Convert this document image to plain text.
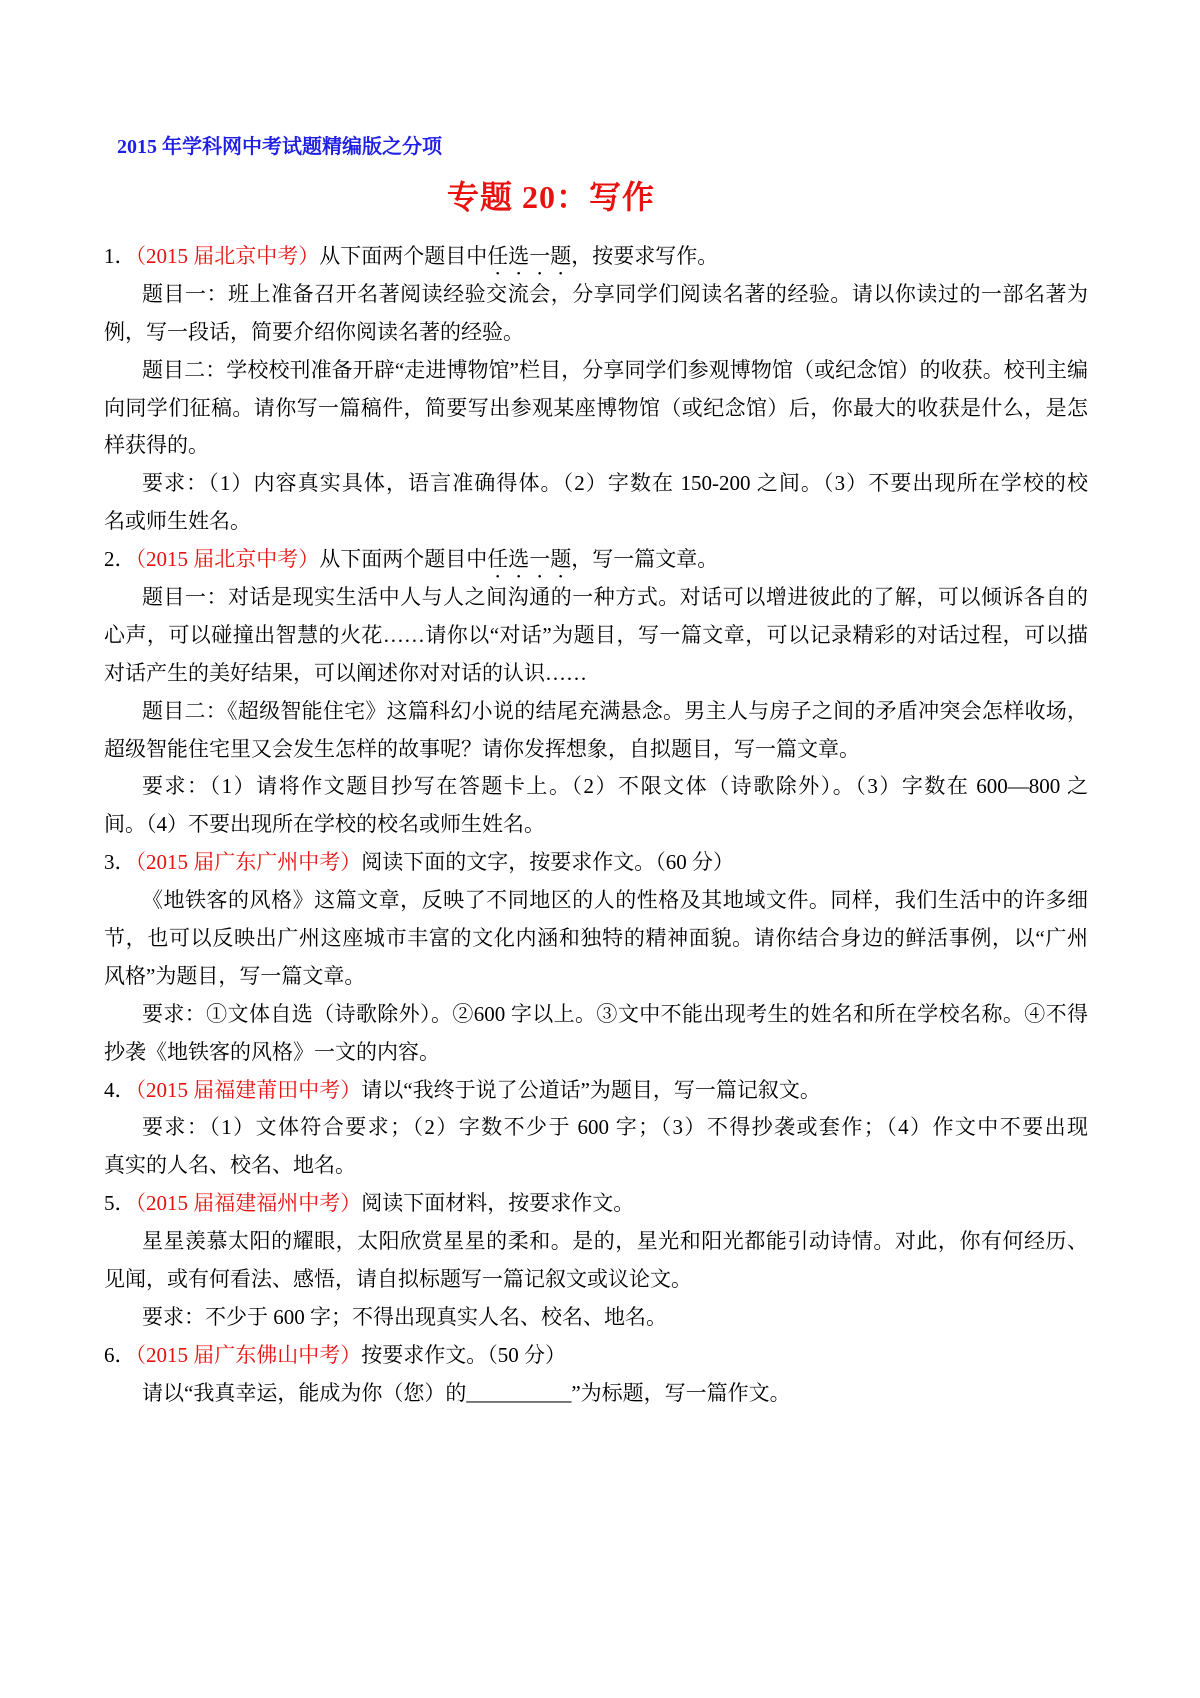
2015 年学科网中考试题精编版之分项
专题 20：写作
1．（2015 届北京中考）从下面两个题目中任选一题，按要求写作。
题目一：班上准备召开名著阅读经验交流会，分享同学们阅读名著的经验。请以你读过的一部名著为
例，写一段话，简要介绍你阅读名著的经验。
题目二：学校校刊准备开辟“走进博物馆”栏目，分享同学们参观博物馆（或纪念馆）的收获。校刊主编
向同学们征稿。请你写一篇稿件，简要写出参观某座博物馆（或纪念馆）后，你最大的收获是什么，是怎
样获得的。
要求：（1）内容真实具体，语言准确得体。（2）字数在 150-200 之间。（3）不要出现所在学校的校
名或师生姓名。
2．（2015 届北京中考）从下面两个题目中任选一题，写一篇文章。
题目一：对话是现实生活中人与人之间沟通的一种方式。对话可以增进彼此的了解，可以倾诉各自的
心声，可以碰撞出智慧的火花……请你以“对话”为题目，写一篇文章，可以记录精彩的对话过程，可以描
对话产生的美好结果，可以阐述你对对话的认识……
题目二：《超级智能住宅》这篇科幻小说的结尾充满悬念。男主人与房子之间的矛盾冲突会怎样收场，
超级智能住宅里又会发生怎样的故事呢？请你发挥想象，自拟题目，写一篇文章。
要求：（1）请将作文题目抄写在答题卡上。（2）不限文体（诗歌除外）。（3）字数在 600—800 之
间。（4）不要出现所在学校的校名或师生姓名。
3．（2015 届广东广州中考）阅读下面的文字，按要求作文。（60 分）
《地铁客的风格》这篇文章，反映了不同地区的人的性格及其地域文件。同样，我们生活中的许多细
节，也可以反映出广州这座城市丰富的文化内涵和独特的精神面貌。请你结合身边的鲜活事例，以“广州
风格”为题目，写一篇文章。
要求：①文体自选（诗歌除外）。②600 字以上。③文中不能出现考生的姓名和所在学校名称。④不得
抄袭《地铁客的风格》一文的内容。
4．（2015 届福建莆田中考）请以“我终于说了公道话”为题目，写一篇记叙文。
要求：（1）文体符合要求；（2）字数不少于 600 字；（3）不得抄袭或套作；（4）作文中不要出现
真实的人名、校名、地名。
5．（2015 届福建福州中考）阅读下面材料，按要求作文。
星星羡慕太阳的耀眼，太阳欣赏星星的柔和。是的，星光和阳光都能引动诗情。对此，你有何经历、
见闻，或有何看法、感悟，请自拟标题写一篇记叙文或议论文。
要求：不少于 600 字；不得出现真实人名、校名、地名。
6．（2015 届广东佛山中考）按要求作文。（50 分）
请以“我真幸运，能成为你（您）的__________”为标题，写一篇作文。
